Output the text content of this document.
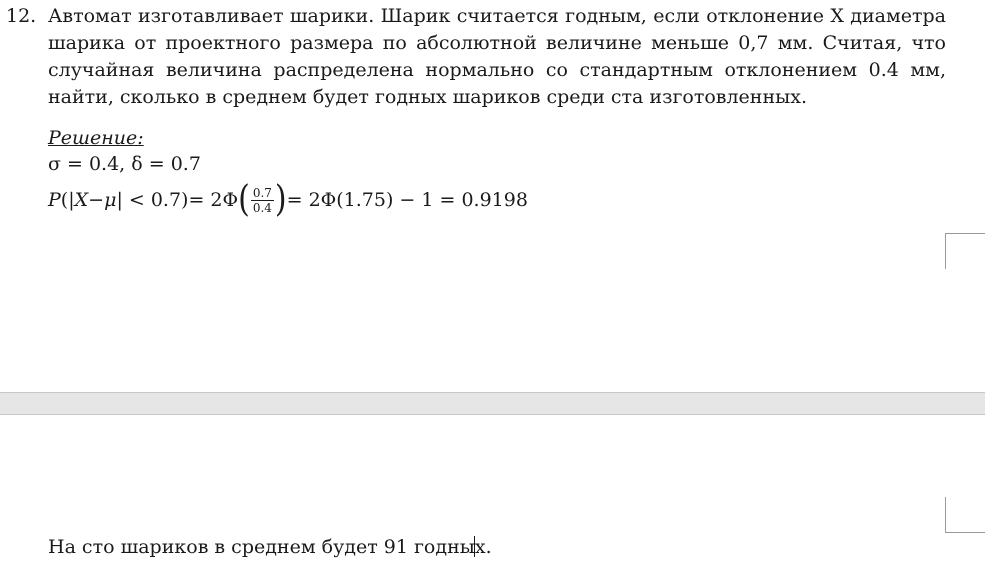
12. Автомат изготавливает шарики. Шарик считается годным, если отклонение X диаметра шарика от проектного размера по абсолютной величине меньше 0,7 мм. Считая, что случайная величина распределена нормально со стандартным отклонением 0.4 мм, найти, сколько в среднем будет годных шариков среди ста изготовленных.

Решение:
σ = 0.4, δ = 0.7
P (| X − μ | < 0.7) = 2Φ ( $\frac{0.7}{0.4}$ ) = 2Φ(1.75) − 1 = 0.9198
На сто шариков в среднем будет 91 годных.
